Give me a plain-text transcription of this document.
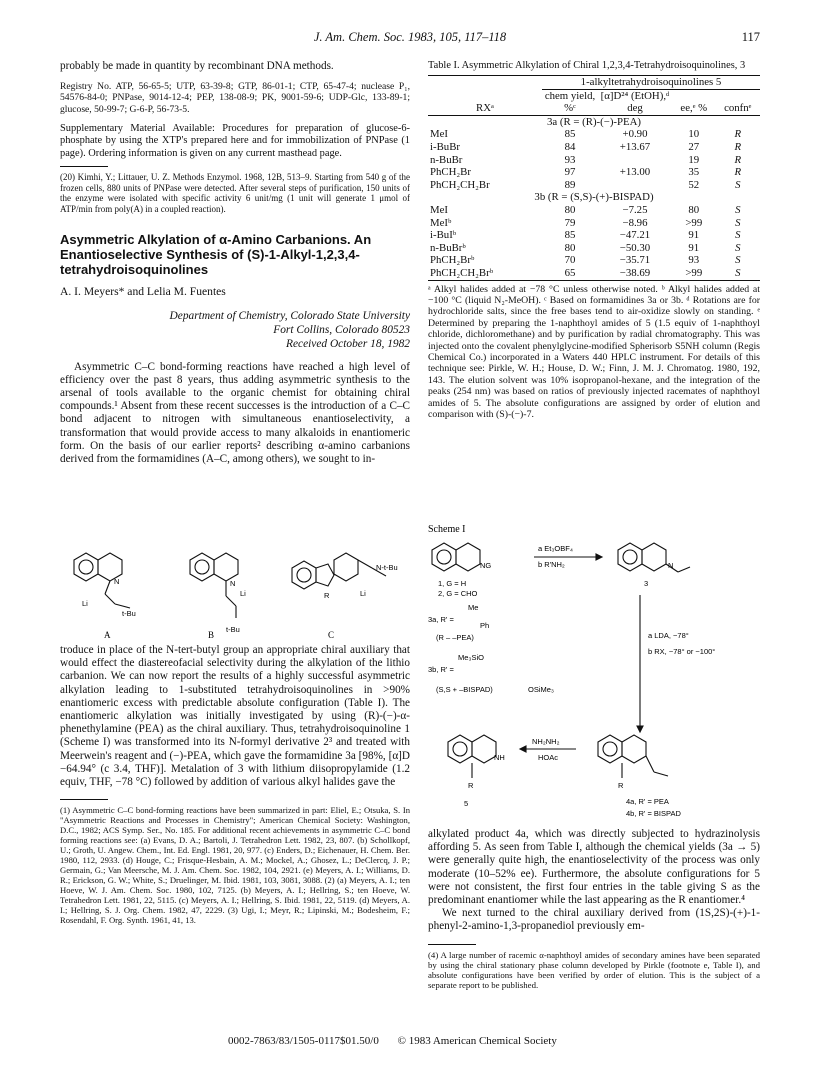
J. Am. Chem. Soc. 1983, 105, 117–118	117

probably be made in quantity by recombinant DNA methods.

Registry No. ATP, 56-65-5; UTP, 63-39-8; GTP, 86-01-1; CTP, 65-47-4; nuclease P₁, 54576-84-0; PNPase, 9014-12-4; PEP, 138-08-9; PK, 9001-59-6; UDP-Glc, 133-89-1; glucose, 50-99-7; G-6-P, 56-73-5.

Supplementary Material Available: Procedures for preparation of glucose-6-phosphate by using the XTP's prepared here and for immobilization of PNPase (1 page). Ordering information is given on any current masthead page.

(20) Kimhi, Y.; Littauer, U. Z. Methods Enzymol. 1968, 12B, 513–9. Starting from 540 g of the frozen cells, 880 units of PNPase were detected. After several steps of purification, 150 units of the enzyme were isolated with specific activity 6 unit/mg (1 unit will generate 1 μmol of ATP/min from poly(A) in a coupled reaction).

Asymmetric Alkylation of α-Amino Carbanions. An Enantioselective Synthesis of (S)-1-Alkyl-1,2,3,4-tetrahydroisoquinolines
A. I. Meyers* and Lelia M. Fuentes
Department of Chemistry, Colorado State University
Fort Collins, Colorado 80523
Received October 18, 1982

Asymmetric C–C bond-forming reactions have reached a high level of efficiency over the past 8 years, thus adding asymmetric synthesis to the arsenal of tools available to the organic chemist for obtaining chiral compounds.¹ Absent from these recent successes is the introduction of a C–C bond adjacent to nitrogen with simultaneous enantioselectivity, a transformation that would provide access to many alkaloids in enantiomeric form. On the basis of our earlier reports² describing α-amino carbanions derived from the formamidines (A–C, among others), we sought to in-

N
Li
t-Bu
N
Li
t-Bu
R	Li
N-t-Bu
A	B	C

troduce in place of the N-tert-butyl group an appropriate chiral auxiliary that would effect the diastereofacial selectivity during the alkylation of the lithio carbanion. We can now report the results of a highly successful asymmetric alkylation leading to 1-substituted tetrahydroisoquinolines in >90% enantiomeric excess with predictable absolute configuration (Table I). The enantiomeric alkylation was initially investigated by using (R)-(−)-α-phenethylamine (PEA) as the chiral auxiliary. Thus, tetrahydroisoquinoline 1 (Scheme I) was transformed into its N-formyl derivative 2³ and treated with Meerwein's reagent and (−)-PEA, which gave the formamidine 3a [98%, [α]D −64.94° (c 3.4, THF)]. Metalation of 3 with lithium diisopropylamide (1.2 equiv, THF, −78 °C) followed by addition of various alkyl halides gave the

(1) Asymmetric C–C bond-forming reactions have been summarized in part: Eliel, E.; Otsuka, S. In "Asymmetric Reactions and Processes in Chemistry"; American Chemical Society: Washington, D.C., 1982; ACS Symp. Ser., No. 185. For additional recent achievements in asymmetric C–C bond forming reactions see: (a) Evans, D. A.; Bartoli, J. Tetrahedron Lett. 1982, 23, 807. (b) Schollkopf, U.; Groth, U. Angew. Chem., Int. Ed. Engl. 1981, 20, 977. (c) Enders, D.; Eichenauer, H. Chem. Ber. 1980, 112, 2933. (d) Houge, C.; Frisque-Hesbain, A. M.; Mockel, A.; Ghosez, L.; DeClercq, J. P.; Germain, G.; Van Meersche, M. J. Am. Chem. Soc. 1982, 104, 2921. (e) Meyers, A. I.; Williams, D. R.; Erickson, G. W.; White, S.; Druelinger, M. Ibid. 1981, 103, 3081, 3088. (2) (a) Meyers, A. I.; ten Hoeve, W. J. Am. Chem. Soc. 1980, 102, 7125. (b) Meyers, A. I.; Hellring, S.; ten Hoeve, W. Tetrahedron Lett. 1981, 22, 5115. (c) Meyers, A. I.; Hellring, S. Ibid. 1981, 22, 5119. (d) Meyers, A. I.; Hellring, S. J. Org. Chem. 1982, 47, 2229. (3) Ugi, I.; Meyr, R.; Lipinski, M.; Bodesheim, F.; Rosendahl, F. Org. Synth. 1961, 41, 13.

Table I. Asymmetric Alkylation of Chiral 1,2,3,4-Tetrahydroisoquinolines, 3
	1-alkyltetrahydroisoquinolines 5			
RXᵃ	chem yield, %ᶜ	[α]D²⁴ (EtOH),ᵈ deg	ee,ᵉ %	confnᵉ
3a (R = (R)-(−)-PEA)				
MeI	85	+0.90	10	R
i-BuBr	84	+13.67	27	R
n-BuBr	93		19	R
PhCH₂Br	97	+13.00	35	R
PhCH₂CH₂Br	89		52	S
3b (R = (S,S)-(+)-BISPAD)				
MeI	80	−7.25	80	S
MeIᵇ	79	−8.96	>99	S
i-BuIᵇ	85	−47.21	91	S
n-BuBrᵇ	80	−50.30	91	S
PhCH₂Brᵇ	70	−35.71	93	S
PhCH₂CH₂Brᵇ	65	−38.69	>99	S

ᵃ Alkyl halides added at −78 °C unless otherwise noted. ᵇ Alkyl halides added at −100 °C (liquid N₂-MeOH). ᶜ Based on formamidines 3a or 3b. ᵈ Rotations are for hydrochloride salts, since the free bases tend to air-oxidize slowly on standing. ᵉ Determined by preparing the 1-naphthoyl amides of 5 (1.5 equiv of 1-naphthoyl chloride, dichloromethane) and by purification by radial chromatography. This was injected onto the covalent phenylglycine-modified Spherisorb S5NH column (Regis Chemical Co.) incorporated in a Waters 440 HPLC instrument. For details of this technique see: Pirkle, W. H.; House, D. W.; Finn, J. M. J. Chromatog. 1980, 192, 143. The elution solvent was 10% isopropanol-hexane, and the integration of the peaks (254 nm) was based on ratios of previously injected racemates of naphthoyl amides of 5. The absolute configurations are assigned by order of elution and comparison with (S)-(−)-7.

Scheme I
NG	N
a Et₃OBF₄
b R'NH₂
1, G = H
2, G = CHO
3
3a, R' =
Me
Ph
(R – –PEA)
3b, R' =
Me₃SiO
(S,S + –BISPAD)	OSiMe₃
a LDA, −78°
b RX, −78° or −100°
NH
R
NH₂NH₂
HOAc
R
5	4a, R' = PEA
4b, R' = BISPAD

alkylated product 4a, which was directly subjected to hydrazinolysis affording 5. As seen from Table I, although the chemical yields (3a → 5) were generally quite high, the enantioselectivity of the process was only moderate (10–52% ee). Furthermore, the absolute configurations for 5 were not consistent, the first four entries in the table giving S as the predominant enantiomer while the last appearing as the R enantiomer.⁴

We next turned to the chiral auxiliary derived from (1S,2S)-(+)-1-phenyl-2-amino-1,3-propanediol previously em-

(4) A large number of racemic α-naphthoyl amides of secondary amines have been separated by using the chiral stationary phase column developed by Pirkle (footnote e, Table I), and absolute configurations have been verified by order of elution. This is the subject of a separate report to be published.

0002-7863/83/1505-0117$01.50/0 © 1983 American Chemical Society
